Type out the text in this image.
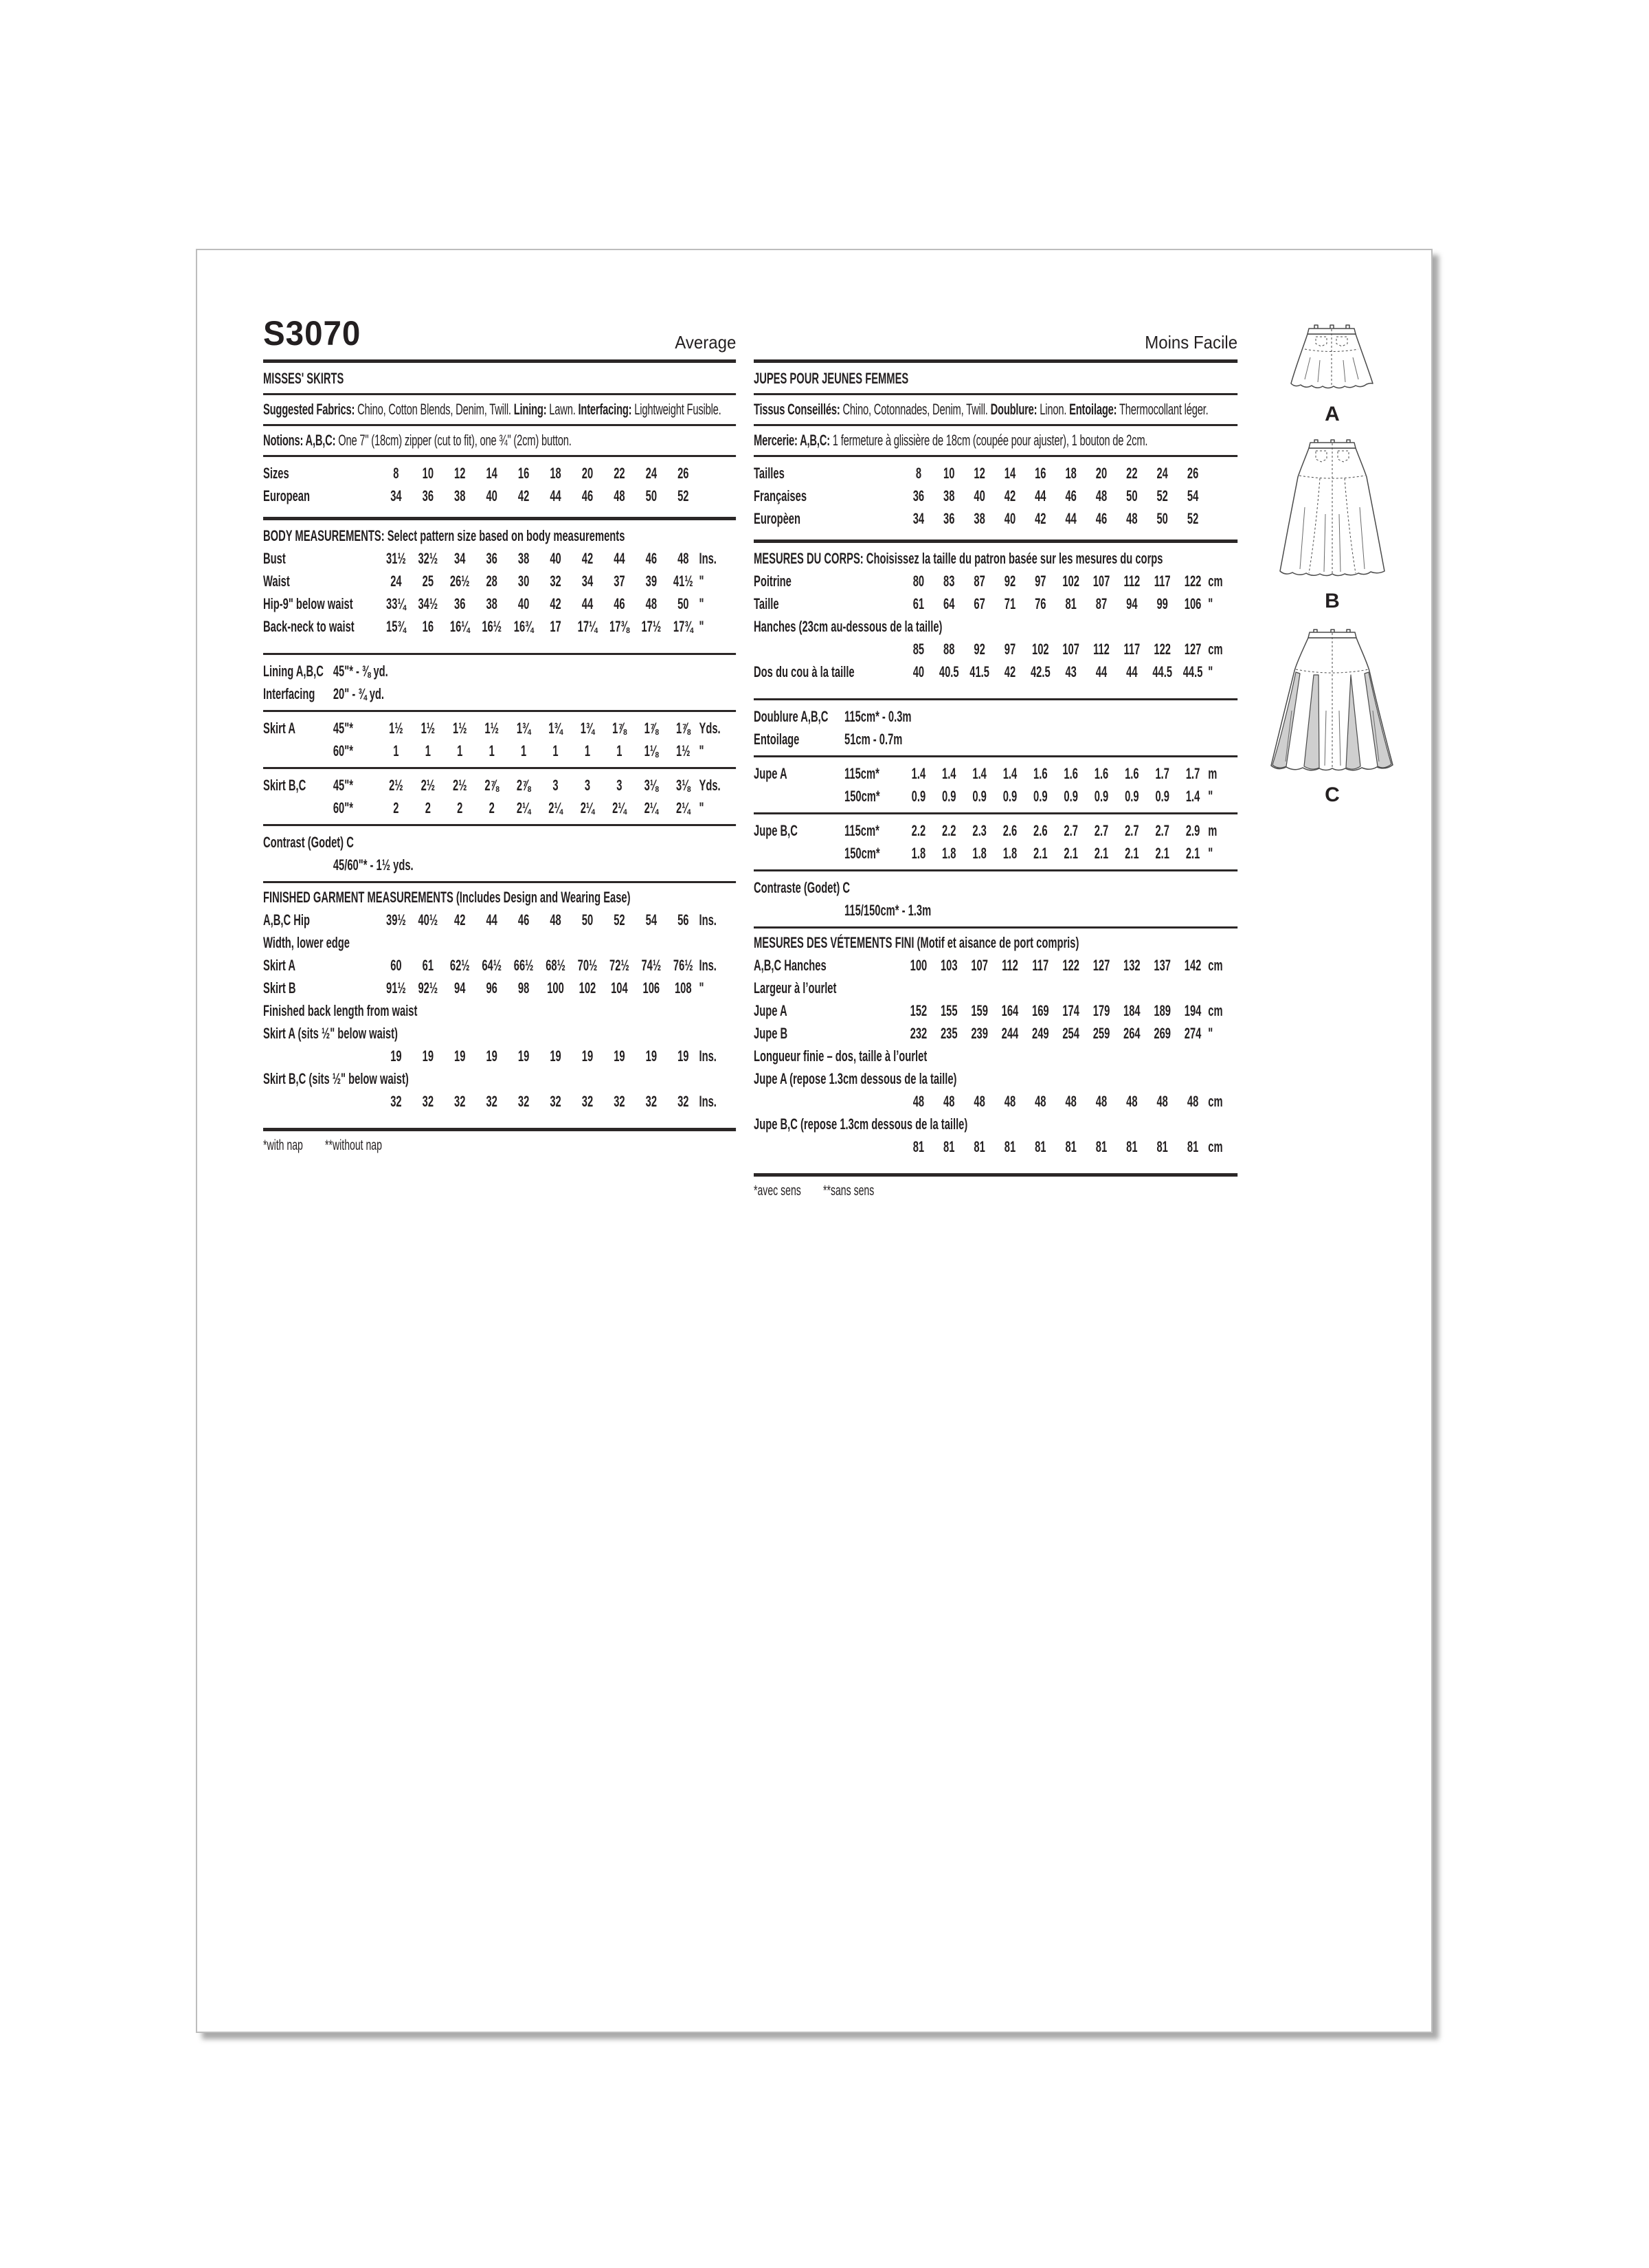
S3070	Average
MISSES' SKIRTS
Suggested Fabrics: Chino, Cotton Blends, Denim, Twill. Lining: Lawn. Interfacing: Lightweight Fusible.
Notions: A,B,C: One 7" (18cm) zipper (cut to fit), one ¾" (2cm) button.
Sizes	8	10	12	14	16	18	20	22	24	26	
European	34	36	38	40	42	44	46	48	50	52	
BODY MEASUREMENTS: Select pattern size based on body measurements
Bust	31½	32½	34	36	38	40	42	44	46	48	Ins.
Waist	24	25	26½	28	30	32	34	37	39	41½	"
Hip-9" below waist	33¼	34½	36	38	40	42	44	46	48	50	"
Back-neck to waist	15¾	16	16¼	16½	16¾	17	17¼	17⅜	17½	17¾	"
Lining A,B,C 45"* - ⅜ yd.

Interfacing 20" - ¾ yd.
Skirt A 45"*	1½	1½	1½	1½	1¾	1¾	1¾	1⅞	1⅞	1⅞	Yds.

60"*	1	1	1	1	1	1	1	1	1⅛	1½	"
Skirt B,C 45"*	2½	2½	2½	2⅞	2⅞	3	3	3	3⅛	3⅛	Yds.

60"*	2	2	2	2	2¼	2¼	2¼	2¼	2¼	2¼	"
Contrast (Godet) C

45/60"* - 1½ yds.
FINISHED GARMENT MEASUREMENTS (Includes Design and Wearing Ease)
A,B,C Hip	39½	40½	42	44	46	48	50	52	54	56	Ins.
Width, lower edge											
Skirt A	60	61	62½	64½	66½	68½	70½	72½	74½	76½	Ins.
Skirt B	91½	92½	94	96	98	100	102	104	106	108	"
Finished back length from waist											
Skirt A (sits ½" below waist)											
	19	19	19	19	19	19	19	19	19	19	Ins.
Skirt B,C (sits ½" below waist)											
	32	32	32	32	32	32	32	32	32	32	Ins.
*with nap **without nap
Moins Facile
JUPES POUR JEUNES FEMMES
Tissus Conseillés: Chino, Cotonnades, Denim, Twill. Doublure: Linon. Entoilage: Thermocollant léger.
Mercerie: A,B,C: 1 fermeture à glissière de 18cm (coupée pour ajuster), 1 bouton de 2cm.
Tailles	8	10	12	14	16	18	20	22	24	26	
Françaises	36	38	40	42	44	46	48	50	52	54	
Europèen	34	36	38	40	42	44	46	48	50	52	
MESURES DU CORPS: Choisissez la taille du patron basée sur les mesures du corps
Poitrine	80	83	87	92	97	102	107	112	117	122	cm
Taille	61	64	67	71	76	81	87	94	99	106	"
Hanches (23cm au-dessous de la taille)											
	85	88	92	97	102	107	112	117	122	127	cm
Dos du cou à la taille	40	40.5	41.5	42	42.5	43	44	44	44.5	44.5	"
Doublure A,B,C 115cm* - 0.3m

Entoilage	51cm - 0.7m
Jupe A 115cm*	1.4	1.4	1.4	1.4	1.6	1.6	1.6	1.6	1.7	1.7	m

150cm*	0.9	0.9	0.9	0.9	0.9	0.9	0.9	0.9	0.9	1.4	"
Jupe B,C 115cm*	2.2	2.2	2.3	2.6	2.6	2.7	2.7	2.7	2.7	2.9	m

150cm*	1.8	1.8	1.8	1.8	2.1	2.1	2.1	2.1	2.1	2.1	"
Contraste (Godet) C

115/150cm* - 1.3m
MESURES DES VÉTEMENTS FINI (Motif et aisance de port compris)
A,B,C Hanches	100	103	107	112	117	122	127	132	137	142	cm
Largeur à l’ourlet											
Jupe A	152	155	159	164	169	174	179	184	189	194	cm
Jupe B	232	235	239	244	249	254	259	264	269	274	"
Longueur finie – dos, taille à l’ourlet											
Jupe A (repose 1.3cm dessous de la taille)											
	48	48	48	48	48	48	48	48	48	48	cm
Jupe B,C (repose 1.3cm dessous de la taille)											
	81	81	81	81	81	81	81	81	81	81	cm
*avec sens **sans sens
A
B
C
